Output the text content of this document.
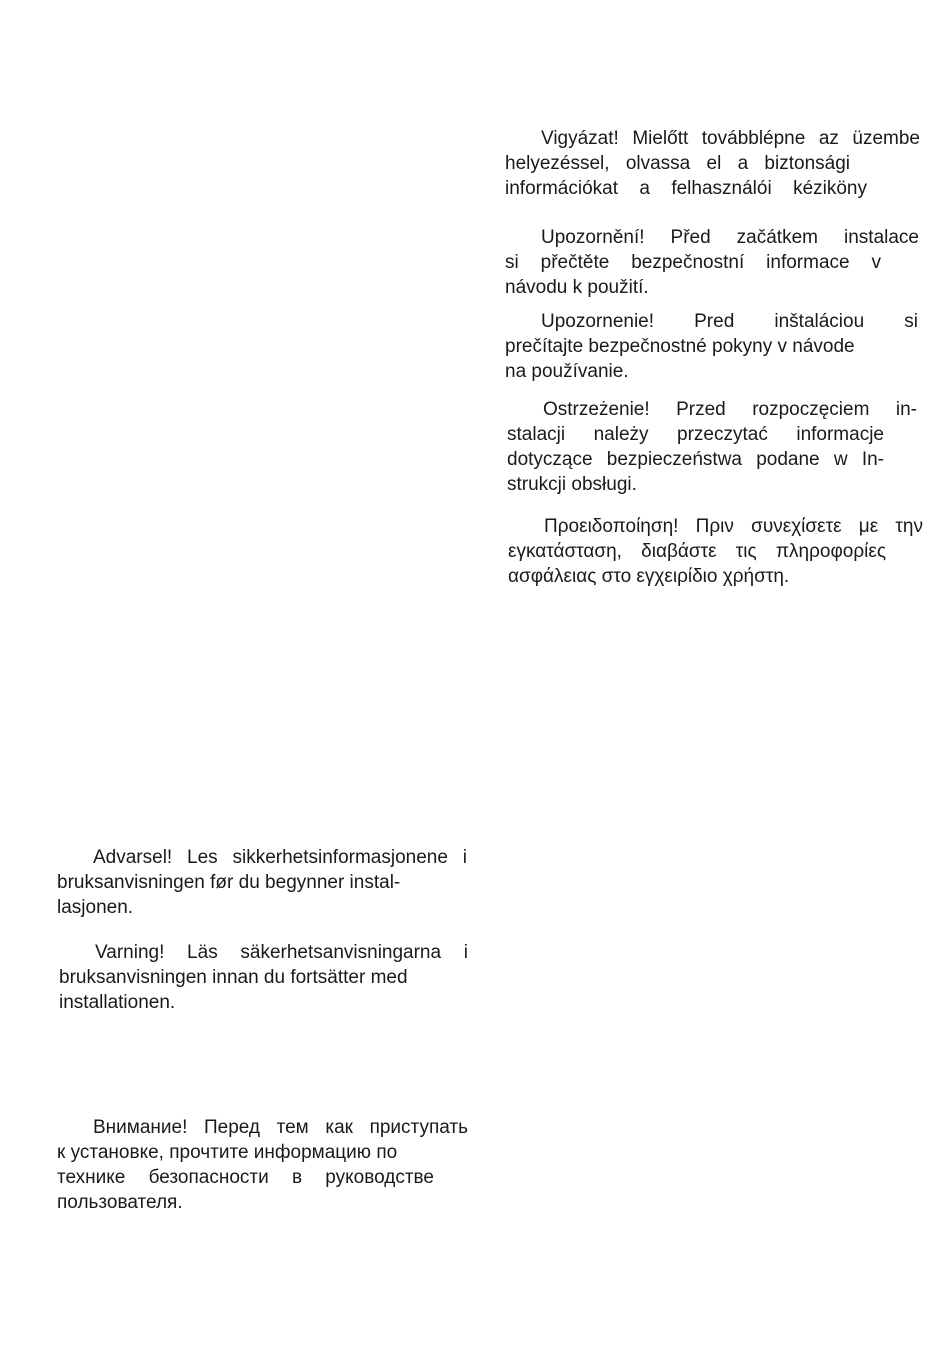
Vigyázat! Mielőtt továbblépne az üzembe
helyezéssel, olvassa el a biztonsági
információkat a felhasználói kéziköny
Upozornění! Před začátkem instalace
si přečtěte bezpečnostní informace v
návodu k použití.
Upozornenie! Pred inštaláciou si
prečítajte bezpečnostné pokyny v návode
na používanie.
Ostrzeżenie! Przed rozpoczęciem in-
stalacji należy przeczytać informacje
dotyczące bezpieczeństwa podane w In-
strukcji obsługi.
Προειδοποίηση! Πριν συνεχίσετε με την
εγκατάσταση, διαβάστε τις πληροφορίες
ασφάλειας στο εγχειρίδιο χρήστη.
Advarsel! Les sikkerhetsinformasjonene i
bruksanvisningen før du begynner instal-
lasjonen.
Varning! Läs säkerhetsanvisningarna i
bruksanvisningen innan du fortsätter med
installationen.
Внимание! Перед тем как приступать
к установке, прочтите информацию по
технике безопасности в руководстве
пользователя.
